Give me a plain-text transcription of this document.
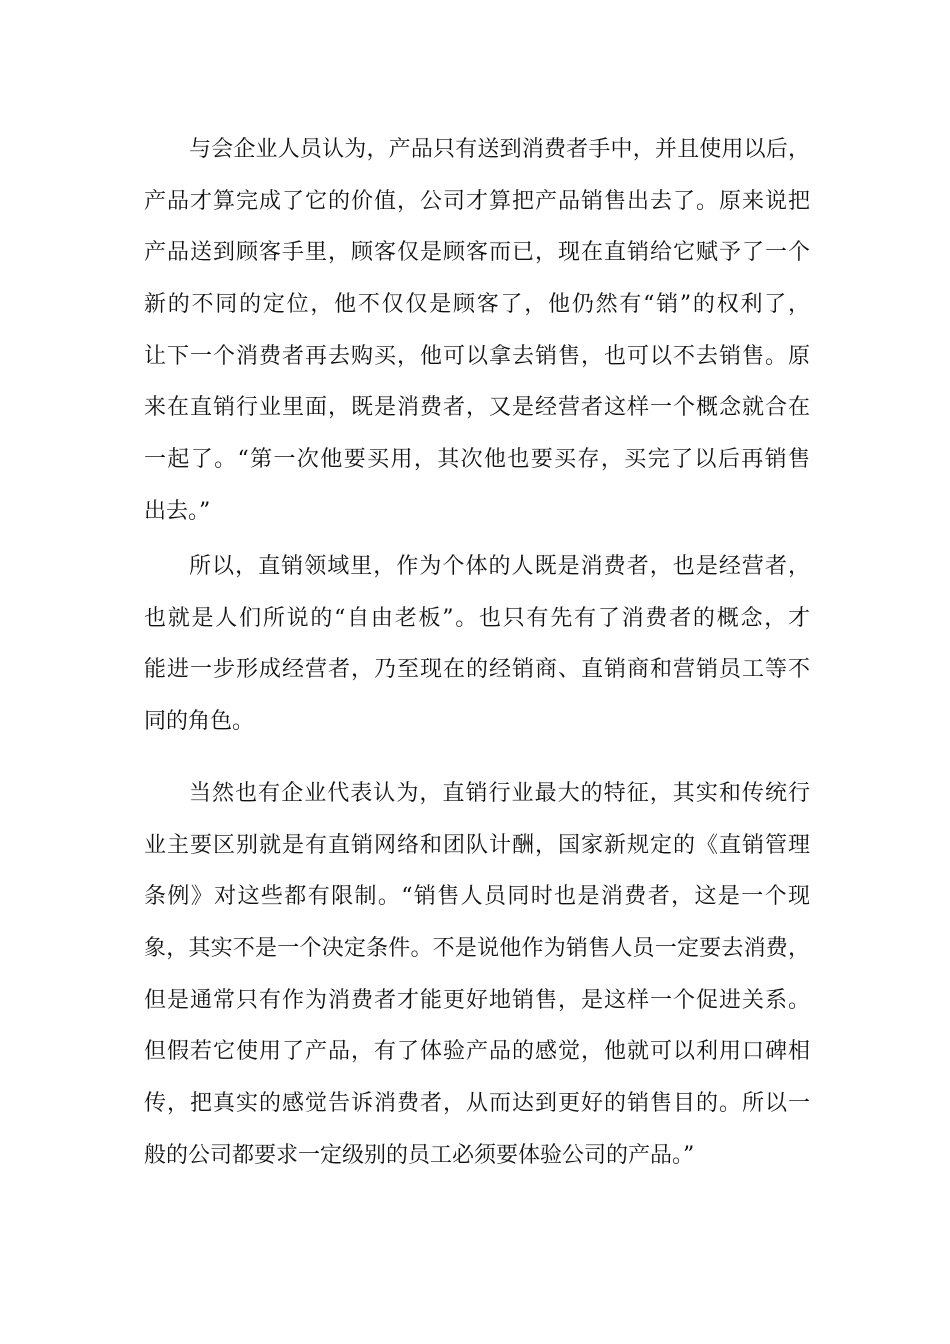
与会企业人员认为，产品只有送到消费者手中，并且使用以后，
产品才算完成了它的价值，公司才算把产品销售出去了。原来说把
产品送到顾客手里，顾客仅是顾客而已，现在直销给它赋予了一个
新的不同的定位，他不仅仅是顾客了，他仍然有“销”的权利了，
让下一个消费者再去购买，他可以拿去销售，也可以不去销售。原
来在直销行业里面，既是消费者，又是经营者这样一个概念就合在
一起了。“第一次他要买用，其次他也要买存，买完了以后再销售
出去。”

所以，直销领域里，作为个体的人既是消费者，也是经营者，
也就是人们所说的“自由老板”。也只有先有了消费者的概念，才
能进一步形成经营者，乃至现在的经销商、直销商和营销员工等不
同的角色。

当然也有企业代表认为，直销行业最大的特征，其实和传统行
业主要区别就是有直销网络和团队计酬，国家新规定的《直销管理
条例》对这些都有限制。“销售人员同时也是消费者，这是一个现
象，其实不是一个决定条件。不是说他作为销售人员一定要去消费，
但是通常只有作为消费者才能更好地销售，是这样一个促进关系。
但假若它使用了产品，有了体验产品的感觉，他就可以利用口碑相
传，把真实的感觉告诉消费者，从而达到更好的销售目的。所以一
般的公司都要求一定级别的员工必须要体验公司的产品。”
